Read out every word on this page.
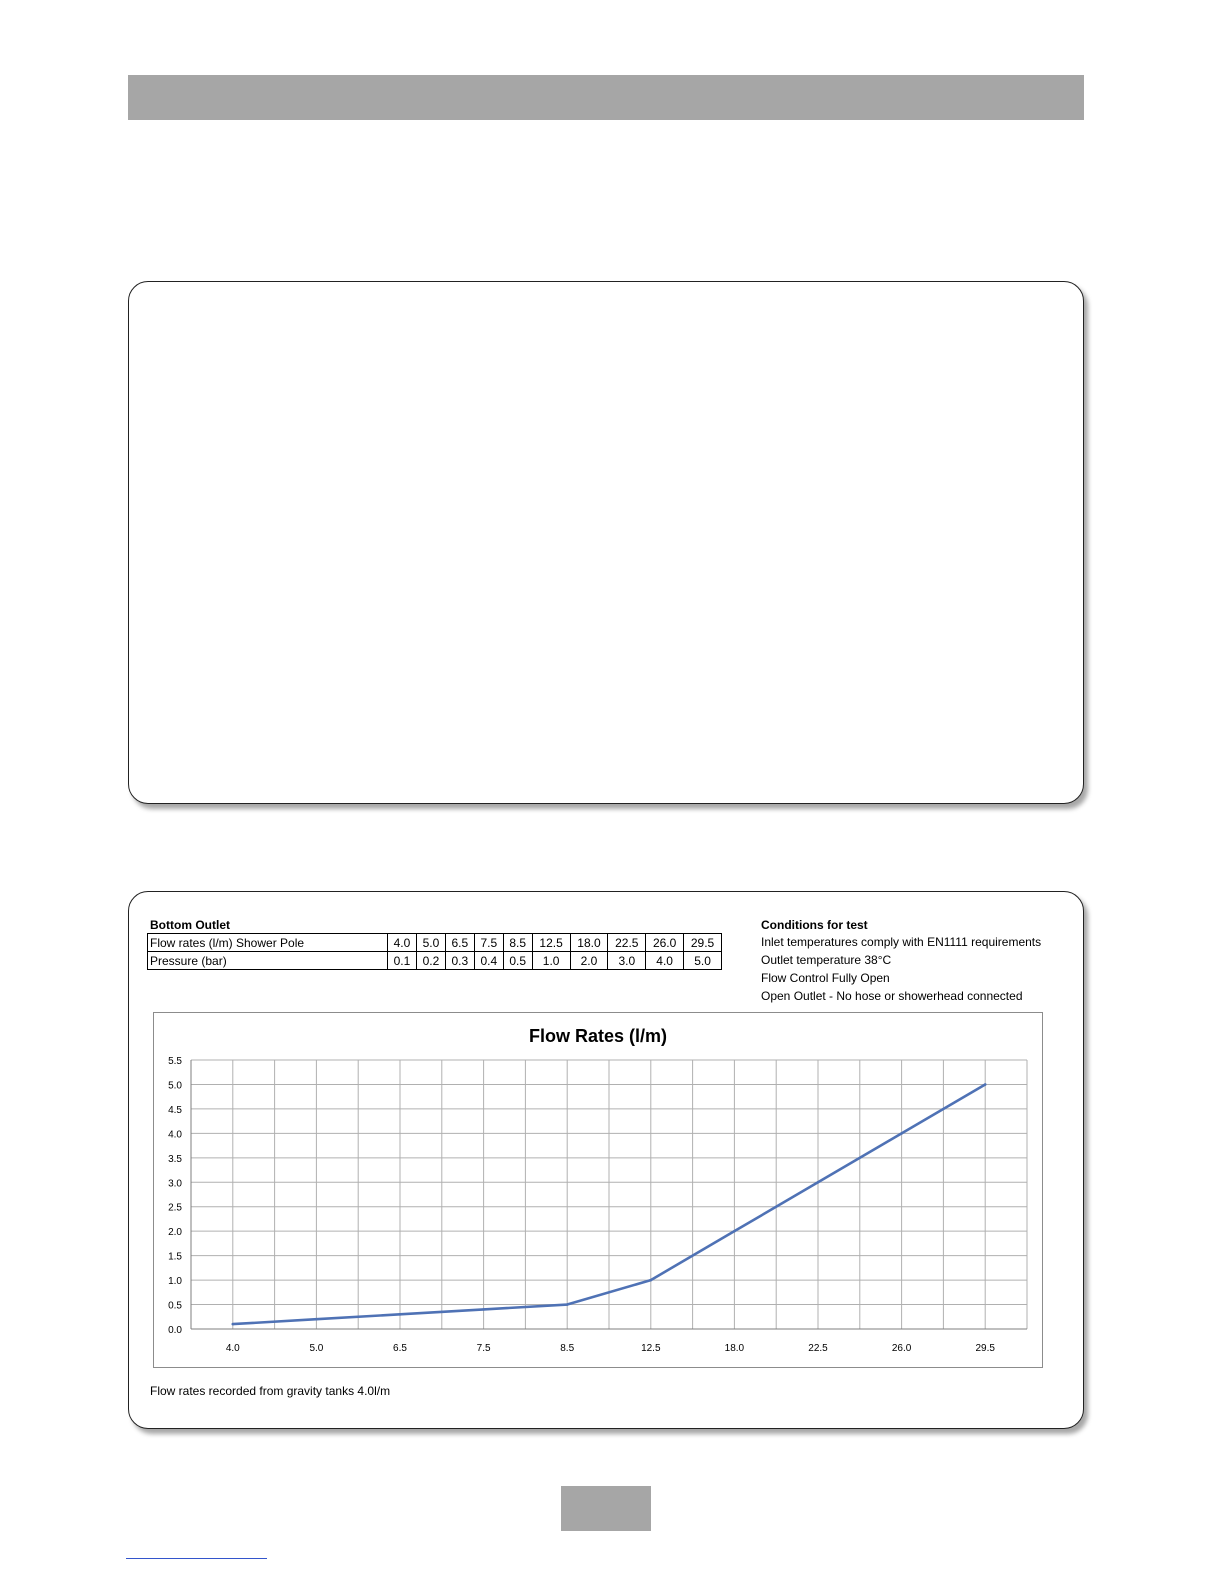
Bottom Outlet
Flow rates (l/m) Shower Pole	4.0	5.0	6.5	7.5	8.5	12.5	18.0	22.5	26.0	29.5
Pressure (bar)	0.1	0.2	0.3	0.4	0.5	1.0	2.0	3.0	4.0	5.0
Conditions for test
Inlet temperatures comply with EN1111 requirements
Outlet temperature 38°C
Flow Control Fully Open
Open Outlet - No hose or showerhead connected
Flow Rates (l/m)
0.0
0.5
1.0
1.5
2.0
2.5
3.0
3.5
4.0
4.5
5.0
5.5
4.0	5.0	6.5	7.5	8.5	12.5	18.0	22.5	26.0	29.5
Flow rates recorded from gravity tanks 4.0l/m
